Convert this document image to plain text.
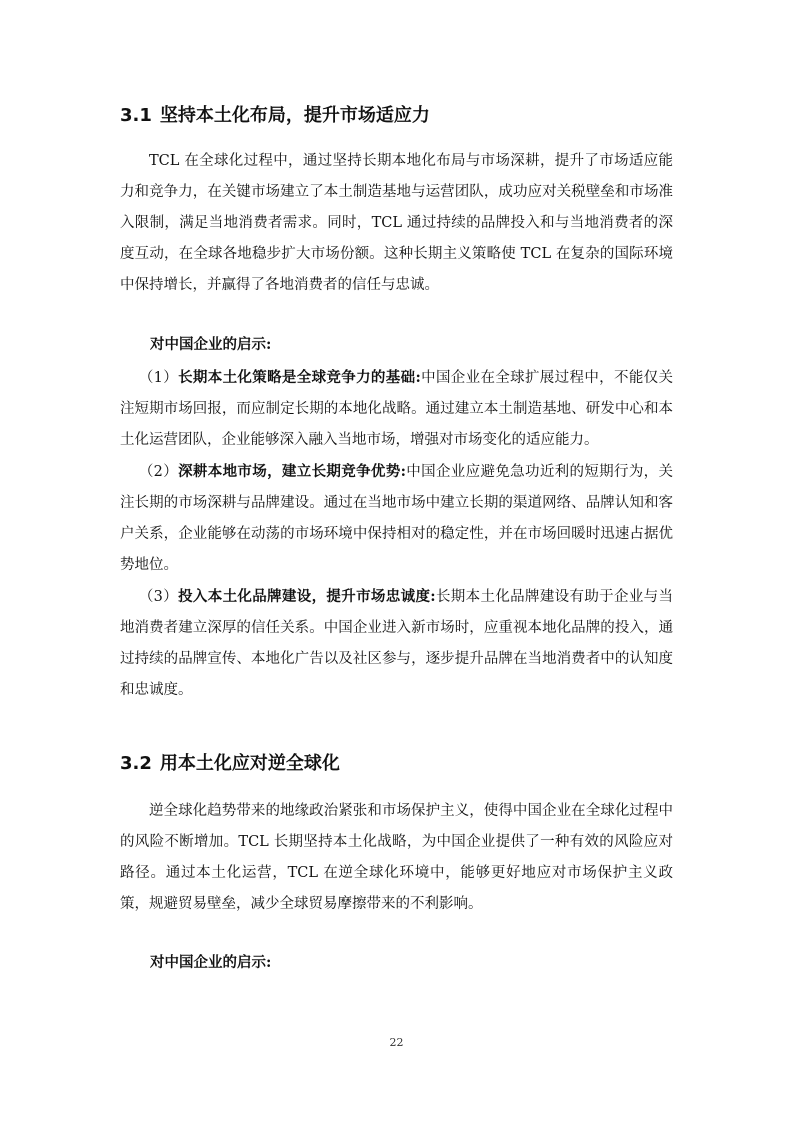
3.1 坚持本土化布局，提升市场适应力

TCL 在全球化过程中，通过坚持长期本地化布局与市场深耕，提升了市场适应能力和竞争力，在关键市场建立了本土制造基地与运营团队，成功应对关税壁垒和市场准入限制，满足当地消费者需求。同时，TCL 通过持续的品牌投入和与当地消费者的深度互动，在全球各地稳步扩大市场份额。这种长期主义策略使 TCL 在复杂的国际环境中保持增长，并赢得了各地消费者的信任与忠诚。

对中国企业的启示:

（1）长期本土化策略是全球竞争力的基础:中国企业在全球扩展过程中，不能仅关注短期市场回报，而应制定长期的本地化战略。通过建立本土制造基地、研发中心和本土化运营团队，企业能够深入融入当地市场，增强对市场变化的适应能力。

（2）深耕本地市场，建立长期竞争优势:中国企业应避免急功近利的短期行为，关注长期的市场深耕与品牌建设。通过在当地市场中建立长期的渠道网络、品牌认知和客户关系，企业能够在动荡的市场环境中保持相对的稳定性，并在市场回暖时迅速占据优势地位。

（3）投入本土化品牌建设，提升市场忠诚度:长期本土化品牌建设有助于企业与当地消费者建立深厚的信任关系。中国企业进入新市场时，应重视本地化品牌的投入，通过持续的品牌宣传、本地化广告以及社区参与，逐步提升品牌在当地消费者中的认知度和忠诚度。

3.2 用本土化应对逆全球化

逆全球化趋势带来的地缘政治紧张和市场保护主义，使得中国企业在全球化过程中的风险不断增加。TCL 长期坚持本土化战略，为中国企业提供了一种有效的风险应对路径。通过本土化运营，TCL 在逆全球化环境中，能够更好地应对市场保护主义政策，规避贸易壁垒，减少全球贸易摩擦带来的不利影响。

对中国企业的启示:

22
